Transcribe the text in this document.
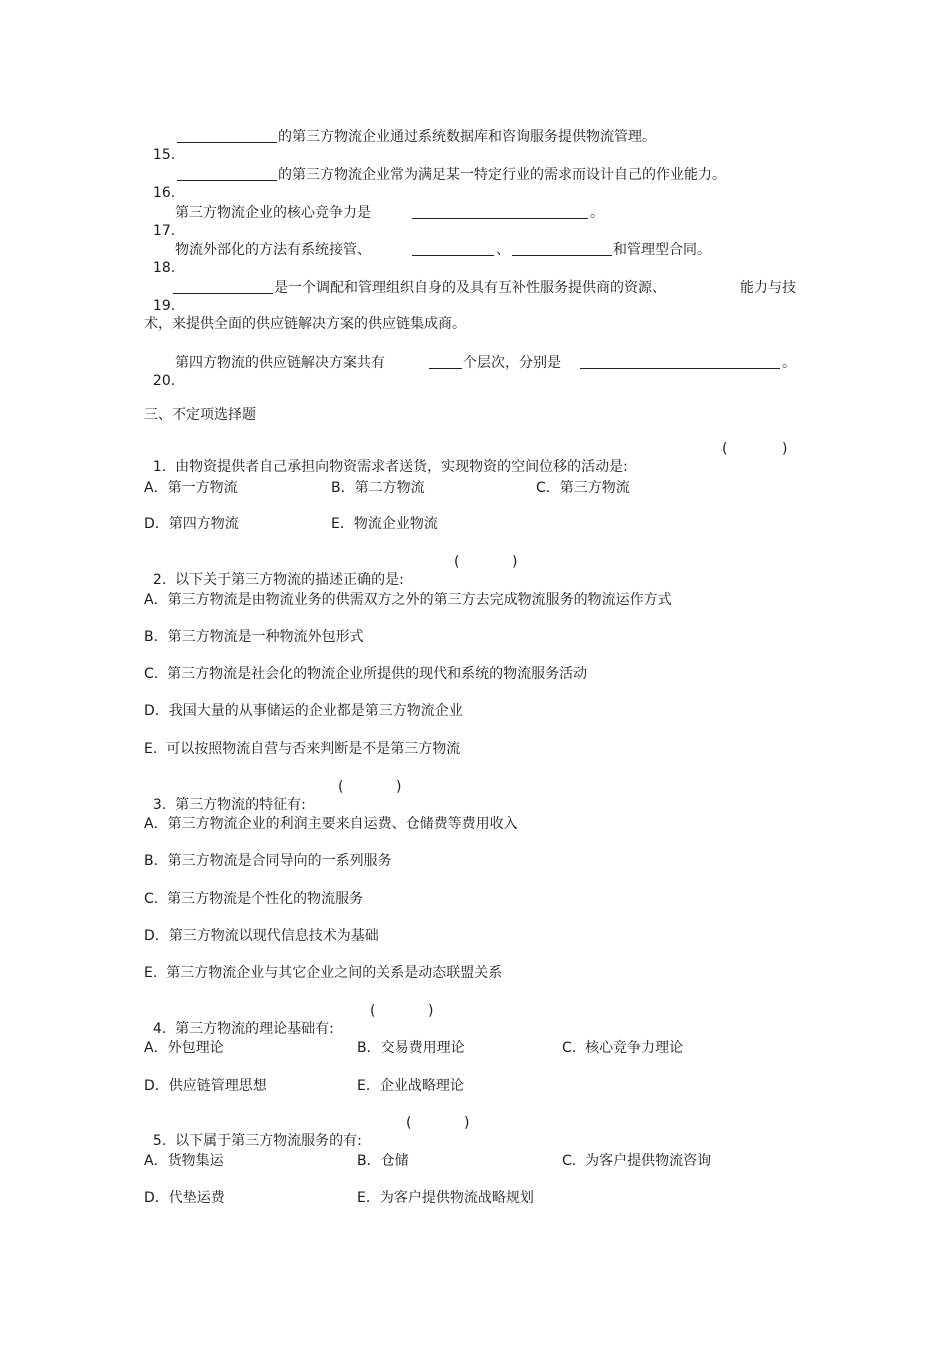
15.

的第三方物流企业通过系统数据库和咨询服务提供物流管理。

16.

的第三方物流企业常为满足某一特定行业的需求而设计自己的作业能力。

17.

第三方物流企业的核心竞争力是

	。

18.

物流外部化的方法有系统接管、

	、

	和管理型合同。

19.

是一个调配和管理组织自身的及具有互补性服务提供商的资源、

	能力与技

术，来提供全面的供应链解决方案的供应链集成商。

20.

第四方物流的供应链解决方案共有

	个层次，分别是

	。

三、不定项选择题

1.  由物资提供者自己承担向物资需求者送货，实现物资的空间位移的活动是:

(

	)

A．第一方物流	B．第二方物流	C．第三方物流
D．第四方物流	E．物流企业物流

2.  以下关于第三方物流的描述正确的是:

(

	)

A．第三方物流是由物流业务的供需双方之外的第三方去完成物流服务的物流运作方式
B．第三方物流是一种物流外包形式
C.  第三方物流是社会化的物流企业所提供的现代和系统的物流服务活动
D．我国大量的从事储运的企业都是第三方物流企业
E.  可以按照物流自营与否来判断是不是第三方物流

3.  第三方物流的特征有:

(

	)

A．第三方物流企业的利润主要来自运费、仓储费等费用收入
B．第三方物流是合同导向的一系列服务
C.  第三方物流是个性化的物流服务
D．第三方物流以现代信息技术为基础
E.  第三方物流企业与其它企业之间的关系是动态联盟关系

4.  第三方物流的理论基础有:

(

	)

A．外包理论	B．交易费用理论	C.  核心竞争力理论
D．供应链管理思想	E．企业战略理论

5.  以下属于第三方物流服务的有:

(

	)

A．货物集运	B．仓储	C.  为客户提供物流咨询
D．代垫运费	E．为客户提供物流战略规划
